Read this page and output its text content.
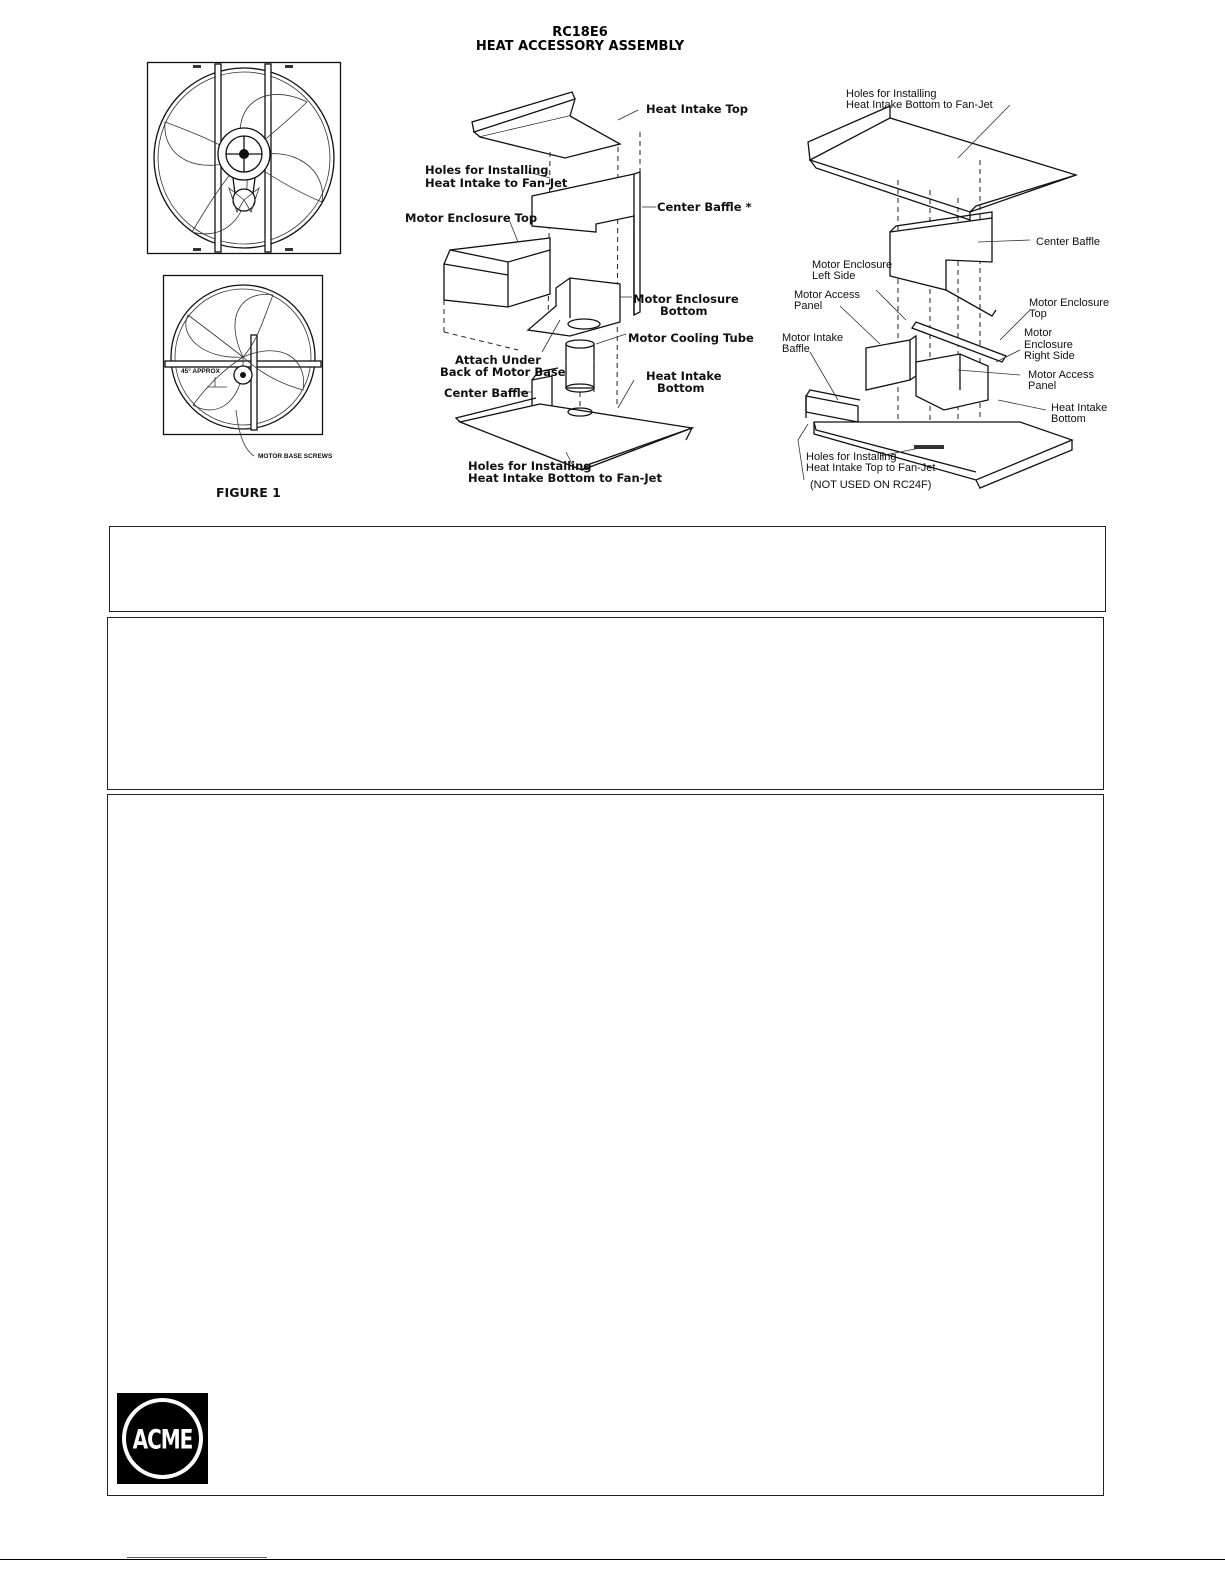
RC18E6
HEAT ACCESSORY ASSEMBLY
45° APPROX
MOTOR BASE SCREWS
FIGURE 1
Heat Intake Top
Holes for Installing
Heat Intake to Fan-Jet
Center Baffle *
Motor Enclosure Top
Motor Enclosure
Bottom
Motor Cooling Tube
Attach Under
Back of Motor Base
Center Baffle
Heat Intake
Bottom
Holes for Installing
Heat Intake Bottom to Fan-Jet
Holes for Installing
Heat Intake Bottom to Fan-Jet
Center Baffle
Motor Enclosure
Left Side
Motor Enclosure
Top
Motor Access
Panel
Motor
Enclosure
Right Side
Motor Intake
Baffle
Motor Access
Panel
Heat Intake
Bottom
Holes for Installing
Heat Intake Top to Fan-Jet
(NOT USED ON RC24F)
ACME
